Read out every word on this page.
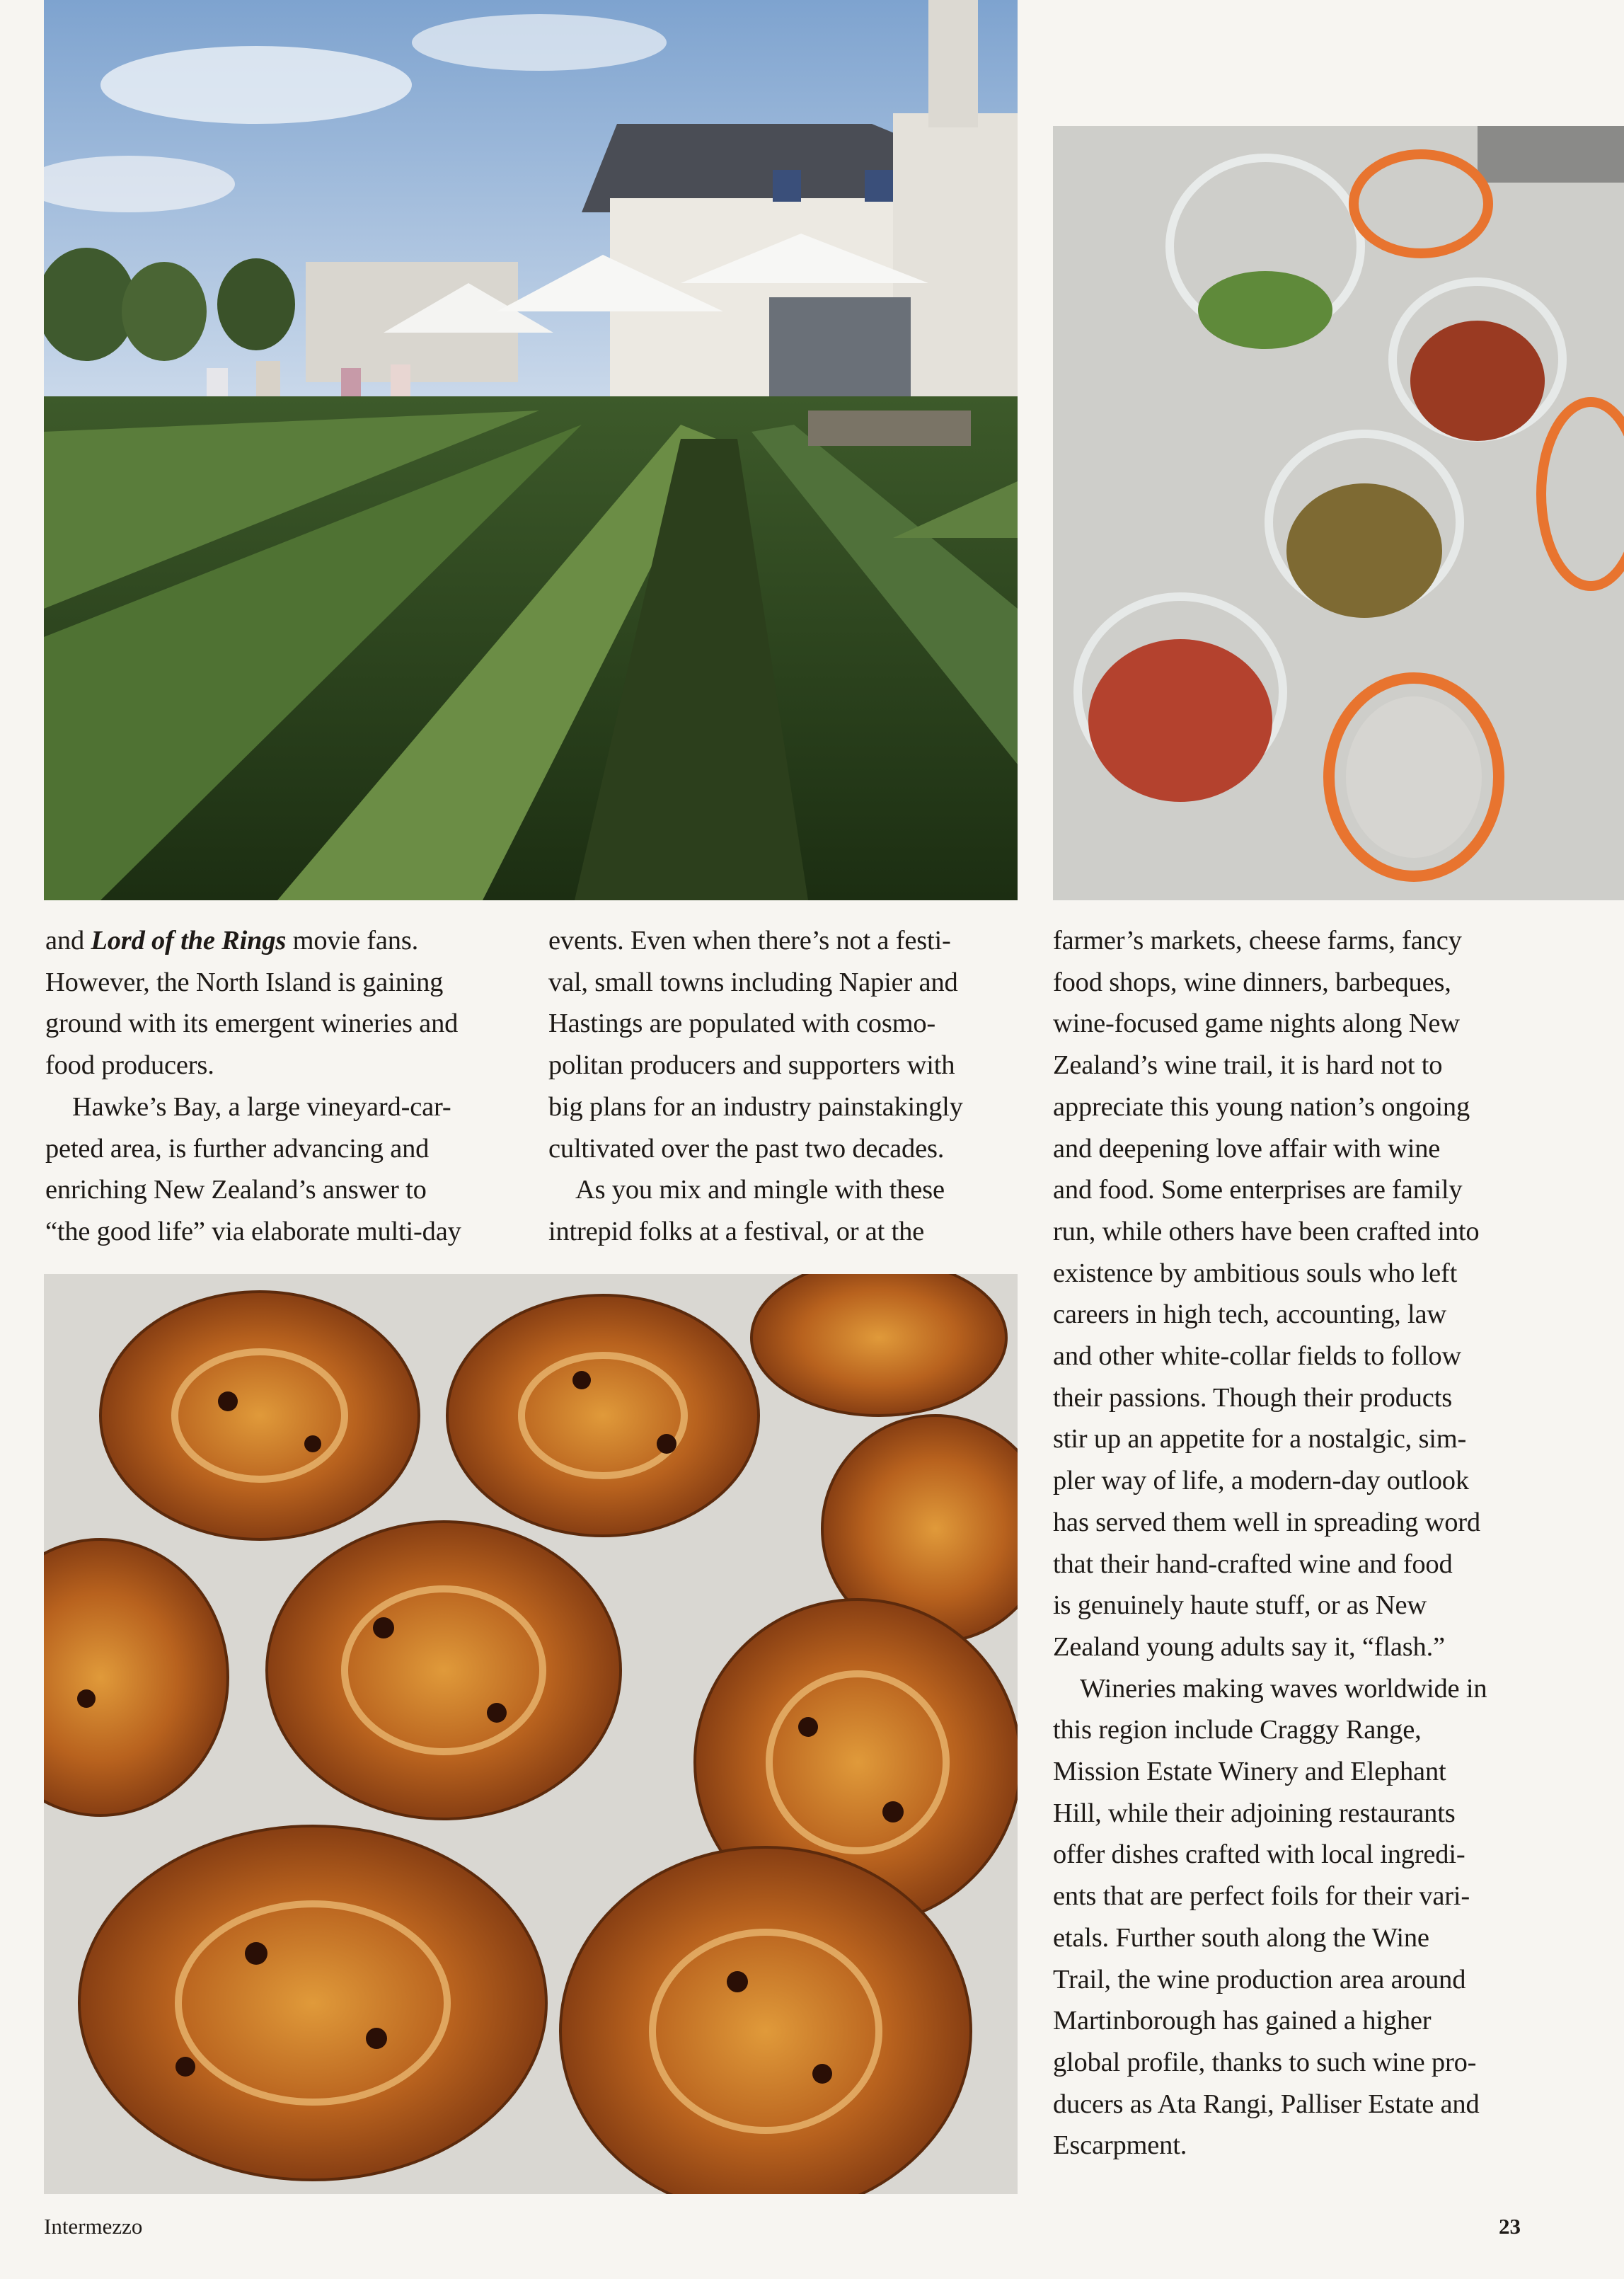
and Lord of the Rings movie fans.
However, the North Island is gaining
ground with its emergent wineries and
food producers.

Hawke’s Bay, a large vineyard-car-
peted area, is further advancing and
enriching New Zealand’s answer to
“the good life” via elaborate multi-day

events. Even when there’s not a festi-
val, small towns including Napier and
Hastings are populated with cosmo-
politan producers and supporters with
big plans for an industry painstakingly
cultivated over the past two decades.

As you mix and mingle with these
intrepid folks at a festival, or at the

farmer’s markets, cheese farms, fancy
food shops, wine dinners, barbeques,
wine-focused game nights along New
Zealand’s wine trail, it is hard not to
appreciate this young nation’s ongoing
and deepening love affair with wine
and food. Some enterprises are family
run, while others have been crafted into
existence by ambitious souls who left
careers in high tech, accounting, law
and other white-collar fields to follow
their passions. Though their products
stir up an appetite for a nostalgic, sim-
pler way of life, a modern-day outlook
has served them well in spreading word
that their hand-crafted wine and food
is genuinely haute stuff, or as New
Zealand young adults say it, “flash.”

Wineries making waves worldwide in
this region include Craggy Range,
Mission Estate Winery and Elephant
Hill, while their adjoining restaurants
offer dishes crafted with local ingredi-
ents that are perfect foils for their vari-
etals. Further south along the Wine
Trail, the wine production area around
Martinborough has gained a higher
global profile, thanks to such wine pro-
ducers as Ata Rangi, Palliser Estate and
Escarpment.

Intermezzo	23
